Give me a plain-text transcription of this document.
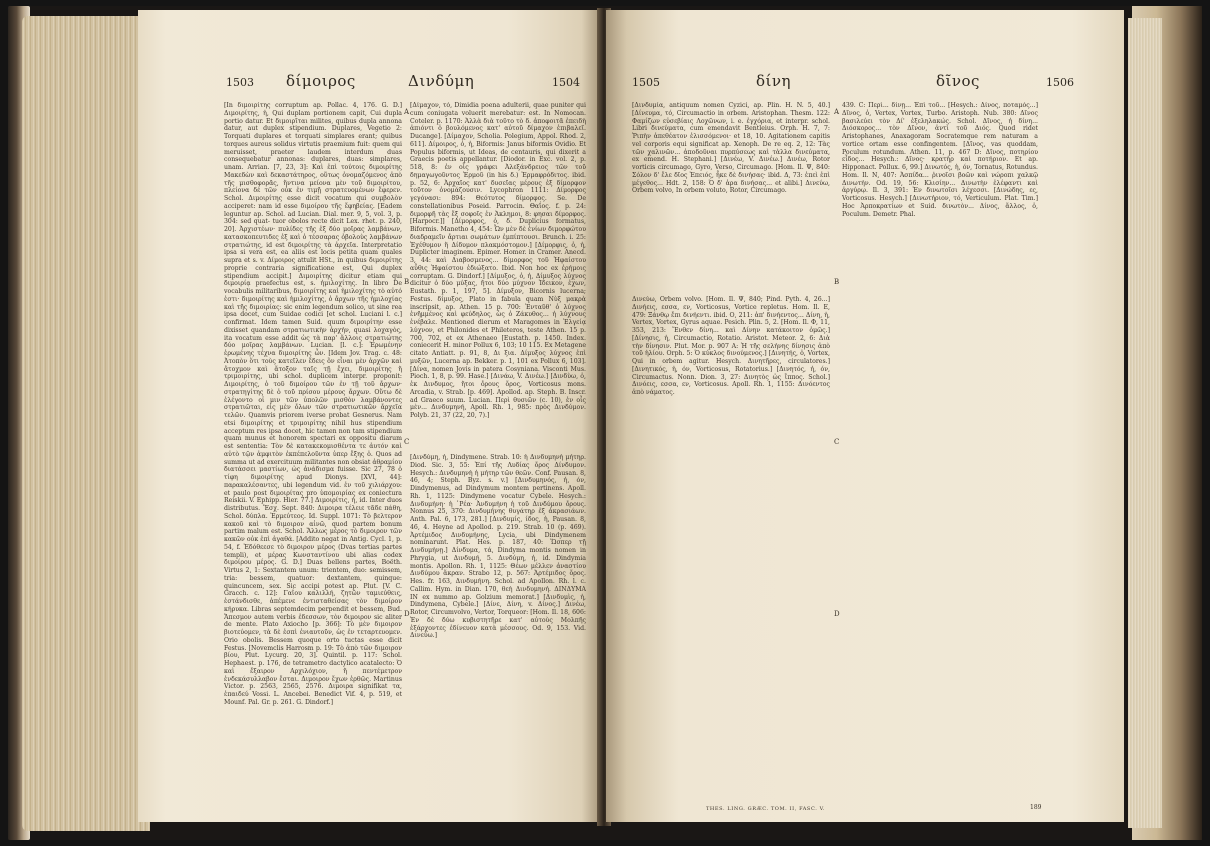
1503 δίμοιρος	Δινδύμη	1504

[In διμοιρίτης corruptum ap. Pollac. 4, 176. G. D.] Διμοιρίτης, ἡ, Qui duplam portionem capit, Cui dupla portio datur. Et διμοιρῖται milites, quibus dupla annona datur, aut duplex stipendium. Duplares, Vegetio 2: Torquati duplares et torquati simplares erant; quibus torques aureus solidus virtutis praemium fuit: quem qui meruisset, praeter laudem interdum duas consequebatur annonas: duplares, duas: simplares, unam. Arrian. [7, 23, 3]: Καὶ ἐπὶ τούτοις διμοιρίτης Μακεδὼν καὶ δεκαστάτηρος, οὕτως ὀνομαζόμενος ἀπὸ τῆς μισθοφορᾶς, ἥντινα μείονα μὲν τοῦ διμοιρίτου, πλείονα δὲ τῶν οὐκ ἐν τιμῇ στρατευομένων ἔφερεν. Schol. Διμοιρίτης esse dicit vocatum qui συμβολὸν acciperet: nam id esse διμοίρου τῆς ἔφηβείας. [Eadem leguntur ap. Schol. ad Lucian. Dial. mer. 9, 5, vol. 3, p. 304: sed quat- tuor obolos recte dicit Lex. rhet. p. 240, 20]. Ἀρχιστέων· πυλίδες τῆς ἐξ δύο μοῖρας λαμβάνων, κατασκοπευτιδες ἐξ καὶ ὁ τέσσαρας ὀβολοὺς λαμβάνων στρατιώτης, id est διμοιρίτης τὰ ἀρχεῖα. Interpretatio ipsa si vera est, ea aliis est locis petita quam quales supra et s. v. Δίμοιρος attulit HSt., in quibus διμοιρίτης proprie contraria significatione est, Qui duplex stipendium accipit.] Διμοιρίτης dicitur etiam qui διμοιρίᾳ praefectus est, s. ἡμιλοχίτης. In libro De vocabulis militaribus, διμοιρίτης καὶ ἡμιλοχίτης τὸ αὐτό ἐστι· διμοιρίτης καὶ ἡμιλοχίτης, ὁ ἄρχων τῆς ἡμιλοχίας καὶ τῆς διμοιρίας: sic enim legendum solico, ut sine rea ipsa docet, cum Suidae codici [et schol. Luciani l. c.] confirmat. Idem tamen Suid. quum διμοιρίτην esse dixisset quandam στρατιωτικὴν ἀρχήν, quasi λοχαγὸς, ita vocatum esse addit ὡς τὰ παρ' ἄλλοις στρατιώτης δύο μοῖρας λαμβάνων. Lucian. [l. c.]: Ἐρωμένην ἐρωμένης τέχνα διμοιρίτης ὧν. [Idem Jov. Trag. c. 48: Ἀτοπὸν ὅτι τοὺς κατεῖλεν ἔδεις ὃν εἶναι μὲν ἀρχῶν καὶ ἄτοχμον καὶ ἄτοξον ταῖς τῇ ἔχει, διμοιρίτης ἢ τριμοιρίτης, ubi schol. duplicem interpr. proponit: Διμοιρίτης, ὁ τοῦ διμοίρου τῶν ἐν τῇ τοῦ ἄρχων· στρατηγίτης δὲ ὁ τοῦ πρίσου μέρους ἄρχων. Οὕτω δὲ ἐλέγοντο οἱ μιν τῶν ὑπολῶν μισθὸν λαμβάνοντες στρατιῶται, εἰς μὲν ὄλων τῶν στρατιωτικῶν ἄρχεῖα τελῶν. Quamvis priorem iverse probat Gesnerus. Nam etsi διμοιρίτης et τριμοιρίτης nihil hus stipendium acceptum res ipsa docet, hic tamen non tam stipendium quam munus et honorem spectari ex oppositu diarum est sententia: Τὸν δὲ κατακεκομισθέντα τε ἀυτόν καὶ αὐτὸ τῷν ἀμφιτὸν ἐκπέπελοῦντα ὑπερ ἔξης ὁ. Quos ad summa ut ad exercituum militantes non obsiat ἀθραμίου διατάσσει μαστίων, ὡς ἀνάδισμα fuisse. Sic 27, 78 ὁ τίφη διμοιρίτης apud Dionys. [XVI, 44]: παρακαλέσαντες, ubi legendum vid. ἐν τοῦ χιλιάρχου: et paulo post διμοιρίτας pro ὑπομοιρίας ex coniectura Reiskii. V. Ephipp. Hier. 77.] Διμοιρίτις, ἡ, id. Inter duos distributus. Ἔσχ. Sept. 840: Διμοιρα τέλειε τᾶδε πάθη, Schol. δύπλα. Ἐρμεύτεος. Id. Suppl. 1071: Τὸ βελτερον κακοῦ καὶ τὸ διμοιρον αἰνῶ, quod partem bonum partim malum est. Schol. Ἄλλως μέρος τὸ διμοιρον τῶν κακῶν οὐκ ἐπὶ ἀγαθά. [Addito negat in Antig. Cycl. 1, p. 54, f. Ἐδόθεεσε τὸ διμοιρον μέρος (Dvas tertias partes templi), et μέρας Κωνσταντίνου ubi alias codex διμοίρου μέρος. G. D.] Duas bellens partes, Boëth. Virtus 2, 1: Sextantem unum: trientem, duo: semissem, tria: bessem, quatuor: dextantem, quinque: quincuncem, sex. Sic accipi potest ap. Plut. [V. C. Gracch. c. 12]: Γαΐου καλιλλή, ζητῶν ταμιεύθεις, ἐστάνδισθε, ἀπέμενε ἐντισταθείσας τὸν διμοίρον κήρυκα. Libras septemdecim perpendit et bessem, Bud. Ἄπεσμον autem verbis ἐδεσσων, τὸν διμοιρον sic aliter de mente. Plato Axiocho [p. 366]: Τὸ μὲν διμοιρον βιοτεύομεν, τὰ δὲ ἐσπὶ ἐνιαυτοῦν, ὡς ἐν τεταρτευομεν. Orio obolis. Bessem quoque orto tuctas esse dicit Festus. [Novemclis Harrosm p. 19: Τὸ ἀπὸ τῶν διμοιρον βίου, Plut. Lycurg. 20, 3]. Quintil. p. 117: Schol. Hephaest. p. 176, de tetrametro dactylico acatalecto: Ὁ καὶ ἔξαιρον Αρχιλόχιον, ἢ πεντέμετρον ἐνδεκάσυλλαβον ἔσται. Διμοιρον ἔχων ἑρθῶς. Martinus Victor. p. 2563, 2565, 2576. Διμοιρα signifikat τα, ἐπαιδεύ Vossi. L. Ancebei. Benedict Vif. 4, p. 519, et Mounf. Pal. Gr. p. 261. G. Dindorf.]

[Δίμαχον, τό, Dimidia poena adulterii, quae puniter qui cum coniugata voluerit merebatur: est. In Nomocan. Coteler. p. 1170: Ἀλλὰ διὰ τοῦτο τὸ δ. ἀποφοιτᾶ ἐπειδὴ ἀπιόντι ὁ βουλόμενος κατ' αὐτοῦ δίμαχον ἐπιβαλεῖ. Ducange]. [Δίμαχον, Scholia. Polegium, Appol. Rhod. 2, 611]. Δίμοιρος, ὁ, ἡ, Biformis: Janus biformis Ovidio. Et Populus biformis, ut Ideas, de centauris, qui dixerit a Graecis poetis appellantur. [Diodor. in Exc. vol. 2, p. 518, 8: ἐν οἷς γράφει Ἀλεξάνδρειος τῶν τοῦ δημαγωγοῦντος Ἐρμοῦ (in his δ.) Ἐρμαφρόδιτος. ibid. p. 52, 6: Ἀρχαῖος κατ' δυσεῖας μέρους ἐξ δίμορφον τοῦτον ὀνομάζουσιν. Lycophron 1111: Δίμορφος γεγόνασι: 894: Θεότυτος δίμορφος. Se. De constellationibus Poseid. Parrocin. Θαΐος. f. p. 24: διμορφῆ τὰς ἔξ σοφοῖς ἐν Ἀκλημοι, 8: φησαι δίμορφος. [Harpocr.]] [Δίμορφος, ὁ, δ. Duplicius formatus, Biformis. Manetho 4, 454: Ὧν μὲν δὲ ἐνίων διμορφώτου διαδραμεῖν ἄρτιαι σωμάτων ἐμπίπτουσι. Brunch. i. 25: Ἐχέθυμον ἢ Δίδυμον πλακμόστομον.] [Δίμορφις, ὁ, ἡ, Duplicter imaginem. Epimer. Homer. in Cramer. Anecd. 3, 44: καὶ Διαβοσμενος... δίμορφος τοῦ Ἡφαίστου αὖθις Ἡφαίστου ἐδιώξατο. Ibid. Non hoc ex ἐρήμοις corruptam. G. Dindorf.] [Δίμυξος, ὁ, ἡ, Δίμυξος λύχνος dicitur ὁ δύο μύξας, ἤτοι δύο μύχνον Ἰδεικον, ἐχων, Eustath. p. 1, 197, 5]. Δίμυξον, Bicornis lucerna; Festus. δίμυξος, Plato in fabula quam Νὺξ μακρὰ inscripsit, ap. Athen. 15 p. 700: Ἐνταῦθ' ὁ λύχνος ἐνῆμμένος καὶ φεύδηλος, ὡς ὁ Ζάκυθος... ἡ λύχνους ἐνέβαλε. Mentioned dierum et Maragomes in Ἐλγείᾳ λύχνον, et Philonides et Phileteros, teste Athen. 15 p. 700, 702, et ex Athenaeo [Eustath. p. 1450. Index. coniecerit H. minor Pollux 6, 103; 10 115. Ex Metagene citato Antiatt. p. 91, 8, Δι ξια. Δίμυξος λύχνος ἐπὶ μυξῶν, Lucerna ap. Bekker. p. 1, 101 ex Pollux 6, 103]. [Δίνα, nomen Jovis in patera Cosyniana. Visconti Mus. Pioch. 1, 8, p. 99. Hase.] [Δινάω, V. Δινέω.] [Δινδὺω, ὁ, ἐκ Δινδυμος, ἤτοι ὄρους ὄρος, Vorticosus mons. Arcadia, v. Strab. [p. 469]. Apollod. ap. Steph. B. Inscr. ad Graeco suum. Lucian. Περὶ θυσιῶν (c. 10), ἐν οἷς μὲν... Δινδυμηνή, Apoll. Rh. 1, 985: πρὸς Δινδύμον. Polyb. 21, 37 (22, 20, 7).]

[Δινδύμη, ἡ, Dindymene. Strab. 10: ἡ Δινδυμηνὴ μήτηρ. Diod. Sic. 3, 55: Ἐπί τῆς Λυδίας ὄρος Δίνδυμον. Hesych.: Δινδυμηνὴ ἡ μήτηρ τῶν θεῶν. Conf. Pausan. 8, 46, 4; Steph. Byz. s. v.] [Δινδυμηνός, ἡ, όν, Dindymenus, ad Dindymum montem pertinens. Apoll. Rh. 1, 1125: Dindymene vocatur Cybele. Hesych.: Δινδυμήνη· ἡ ῾Ρέα· Ἀνδυμήνη ἡ τοῦ Δινδύμου ὄρους. Nonnus 25, 370: Δινδυμήνης θυγάτηρ ἐξ ἀκρασιάων. Anth. Pal. 6, 173, 281.] [Δινδυμίς, ίδος, ἡ, Pausan. 8, 46, 4. Heyne ad Apollod. p. 219. Strab. 10 (p. 469). Ἀρτέμιδος Δινδυμήνης, Lycia, ubi Dindymenem nominarunt. Plat. Hes. p. 187, 40: Ὥσπερ τῇ Δινδυμήνῃ.] Δίνδυμα, τά, Dindyma montis nomen in Phrygia, ut Δινδυμή, 5. Δινδύμη, ἡ, id. Dindymia montis. Apollon. Rh. 1, 1125: Θέων μέλλεν ἀναστίου Δινδύμου ἄκραν. Strabo 12, p. 567: Ἀρτέμιδος ὄρος. Hes. fr. 163, Δινδυμήνη. Schol. ad Apollon. Rh. l. c. Callim. Hym. in Dian. 170, θεὴ Δινδυμηνή. ΔΙΝΔΥΜΑ ΙΝ ex nummo ap. Golzium memorat.] [Δινδυμὶς, ἡ, Dindymena, Cybele.] [Δίνε, Δίνη, v. Δίνος.] Δινέω, Rotor, Circumvolvo, Vertor, Torqueor: [Hom. Il. 18, 606: Ἐν δὲ δύω κυβιστητῆρε κατ' αὐτοὺς Μολπῆς ἐξάρχοντες ἐδίνευον κατὰ μέσσους. Od. 9, 153. Vid. Δινεύω.]

A
B
C
D
1505	δίνη	δῖνος	1506

[Δινδυμία, antiquum nomen Cyzici, ap. Plin. H. N. 5, 40.] [Δίνευμα, τό, Circumactio in orbem. Aristophan. Thesm. 122: Φαμίζων εὐσεβίαις Λοχῶνων, i. e. ἐγχόρια, et interpr. schol. Libri δινεύματα, cum emendavit Bentleius. Orph. H. 7, 7: Ῥιπὴν ἀπεθέατον ἐλισσόμενοι· et 18, 10. Agitationem capitis vel corporis equi significat ap. Xenoph. De re eq. 2, 12: Τὰς τῶν χαλινῶν... ἀποδοῦναι πυρπύσεως καὶ τὰλλα δινεύματα, ex emend. H. Stephani.] [Δινέω, V. Δινέω.] Δινέω, Rotor vorticis circumago, Gyro, Verso, Circumago. [Hom. Il. Ψ, 840: Σόλον δ' ἔλε δῖος Ἐπειός, ἧκε δὲ δινήσας· ibid. Δ, 73: ἐπεὶ ἐπὶ μέγεθος... Ηdt. 2, 158: Ὁ δ' ἀρα δινήσας... et alibi.] Δινεύω, Orbem volvo, In orbem voluto, Rotor, Circumago.

Δινεύω, Orbem volvo. [Hom. Il. Ψ, 840; Pind. Pyth. 4, 26...] Δινήεις, εσσα, εν, Vorticosus, Vortice repletus. Hom. Il. Ε, 479: Ξάνθῳ ἔπι δινήεντι. ibid. Ο, 211: ἀπ' δινήεντος... Δίνη, ἡ, Vertex, Vortex, Gyrus aquae. Pesich. Plin. 5, 2. [Hom. Il. Φ, 11, 353, 213: Ἔνθεν δίνη... καὶ Δίνην κατάκοιτον ὁμῶς.] [Δίνησις, ἡ, Circumactio, Rotatio. Aristot. Meteor. 2, 6: Διὰ τὴν δίνησιν. Plut. Mor. p. 907 A: Ἡ τῆς σελήνης δίνησις ἀπὸ τοῦ ἡλίου. Orph. 5: Ὁ κύκλος δινούμενος.] [Δινητής, ὁ, Vortex, Qui in orbem agitur. Hesych. Δινητῆρες, circulatores.] [Δινητικός, ἡ, όν, Vorticosus, Rotatorius.] [Δινητός, ἡ, όν, Circumactus. Nonn. Dion. 3, 27: Δινητὸς ὡς ἵππος. Schol.] Δινόεις, εσσα, εν, Vorticosus. Apoll. Rh. 1, 1155: Δινόεντος ἀπὸ νάματος.

439. C: Περὶ... δίνῃ... Ἐπὶ τοῦ... [Hesych.: Δίνος, ποταμός...] Δῖνος, ὁ, Vertex, Vortex, Turbo. Aristoph. Nub. 380: Δῖνος βασιλεύει τὸν Δί' ἐξεληλακώς. Schol. Δῖνος, ἡ δίνη... Διόσκορος... τὸν Δῖνον, ἀντὶ τοῦ Διός. Quod ridet Aristophanes, Anaxagoram Socratemque rem naturam a vortice ortam esse confingentem. [Δῖνος, vas quoddam, Poculum rotundum. Athen. 11, p. 467 D: Δῖνος, ποτηρίου εἶδος... Hesych.: Δῖνος· κρατὴρ καὶ ποτήριον. Et ap. Hipponact. Pollux. 6, 99.] Δινωτός, ἡ, όν, Tornatus, Rotundus. Hom. Il. Ν, 407: Ἀσπίδα... ῥινοῖσι βοῶν καὶ νώροπι χαλκῷ Δινωτήν. Od. 19, 56: Κλισίην... Δινωτὴν ἐλέφαντι καὶ ἀργύρῳ. Il. 3, 391: Ἐν δινωτοῖσι λέχεσσι. [Δινώδης, ες, Vorticosus. Hesych.] [Δινωτήριον, τό, Verticulum. Plat. Tim.] Hoc Ἀρποκρατίων et Suid. δινωτὸν... Δίνος, ἄλλος, ὁ, Poculum. Demetr. Phal.

A
B
C
D
THES. LING. GRÆC. TOM. II, FASC. V.	189
